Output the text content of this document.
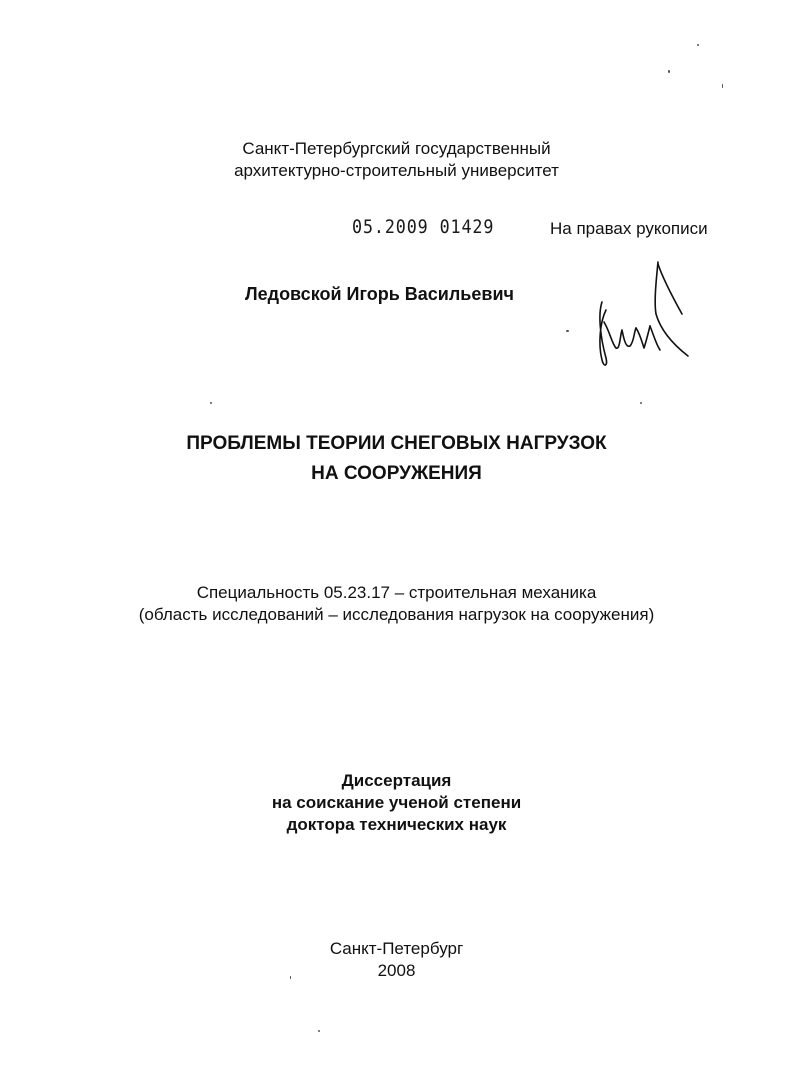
Санкт-Петербургский государственный
архитектурно-строительный университет
05.2009 01429	На правах рукописи
Ледовской Игорь Васильевич
ПРОБЛЕМЫ ТЕОРИИ СНЕГОВЫХ НАГРУЗОК
НА СООРУЖЕНИЯ
Специальность 05.23.17 – строительная механика
(область исследований – исследования нагрузок на сооружения)
Диссертация
на соискание ученой степени
доктора технических наук
Санкт-Петербург
2008
